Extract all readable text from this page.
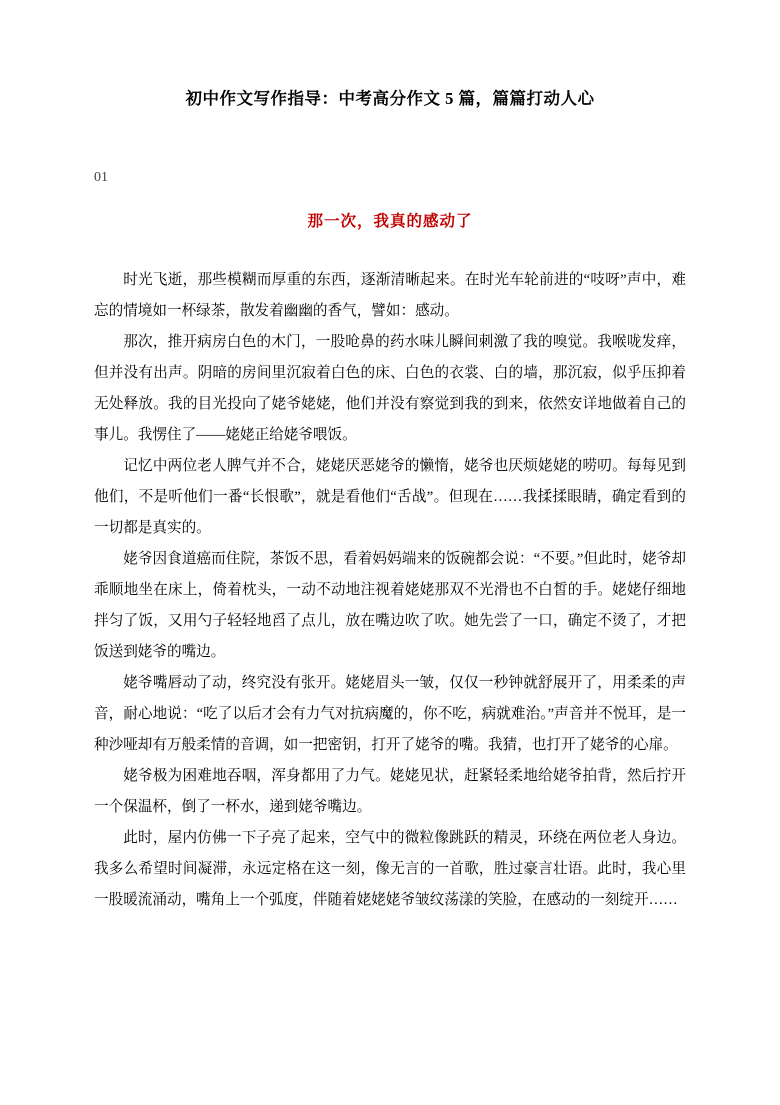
初中作文写作指导：中考高分作文 5 篇，篇篇打动人心
01
那一次，我真的感动了

时光飞逝，那些模糊而厚重的东西，逐渐清晰起来。在时光车轮前进的“吱呀”声中，难忘的情境如一杯绿茶，散发着幽幽的香气，譬如：感动。

那次，推开病房白色的木门，一股呛鼻的药水味儿瞬间刺激了我的嗅觉。我喉咙发痒，但并没有出声。阴暗的房间里沉寂着白色的床、白色的衣裳、白的墙，那沉寂，似乎压抑着无处释放。我的目光投向了姥爷姥姥，他们并没有察觉到我的到来，依然安详地做着自己的事儿。我愣住了——姥姥正给姥爷喂饭。

记忆中两位老人脾气并不合，姥姥厌恶姥爷的懒惰，姥爷也厌烦姥姥的唠叨。每每见到他们，不是听他们一番“长恨歌”，就是看他们“舌战”。但现在……我揉揉眼睛，确定看到的一切都是真实的。

姥爷因食道癌而住院，茶饭不思，看着妈妈端来的饭碗都会说：“不要。”但此时，姥爷却乖顺地坐在床上，倚着枕头，一动不动地注视着姥姥那双不光滑也不白皙的手。姥姥仔细地拌匀了饭，又用勺子轻轻地舀了点儿，放在嘴边吹了吹。她先尝了一口，确定不烫了，才把饭送到姥爷的嘴边。

姥爷嘴唇动了动，终究没有张开。姥姥眉头一皱，仅仅一秒钟就舒展开了，用柔柔的声音，耐心地说：“吃了以后才会有力气对抗病魔的，你不吃，病就难治。”声音并不悦耳，是一种沙哑却有万般柔情的音调，如一把密钥，打开了姥爷的嘴。我猜，也打开了姥爷的心扉。

姥爷极为困难地吞咽，浑身都用了力气。姥姥见状，赶紧轻柔地给姥爷拍背，然后拧开一个保温杯，倒了一杯水，递到姥爷嘴边。

此时，屋内仿佛一下子亮了起来，空气中的微粒像跳跃的精灵，环绕在两位老人身边。我多么希望时间凝滞，永远定格在这一刻，像无言的一首歌，胜过豪言壮语。此时，我心里一股暖流涌动，嘴角上一个弧度，伴随着姥姥姥爷皱纹荡漾的笑脸，在感动的一刻绽开……
